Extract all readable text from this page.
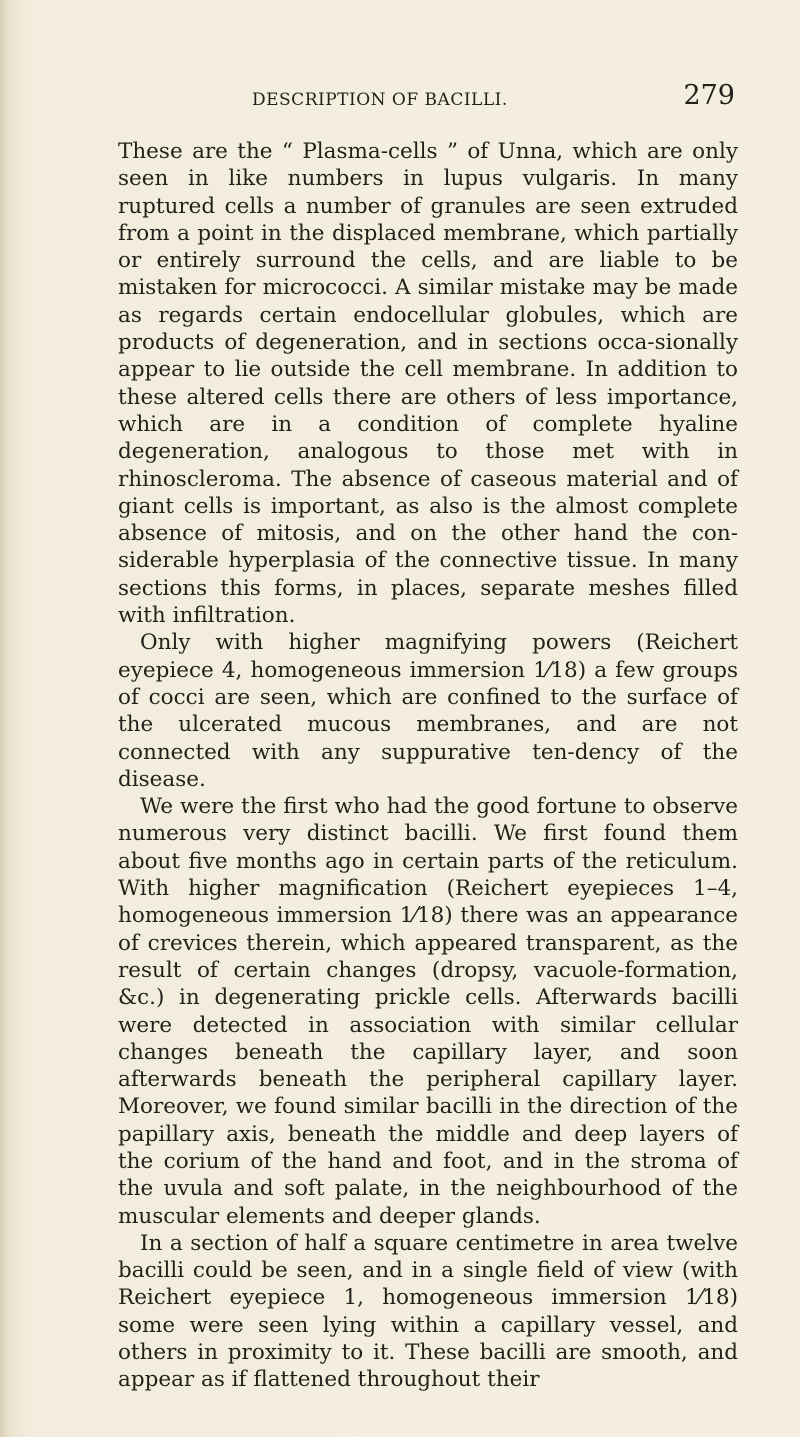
DESCRIPTION OF BACILLI.	279

These are the “ Plasma-cells ” of Unna, which are only seen in like numbers in lupus vulgaris. In many ruptured cells a number of granules are seen extruded from a point in the displaced membrane, which partially or entirely surround the cells, and are liable to be mistaken for micrococci. A similar mistake may be made as regards certain endocellular globules, which are products of degeneration, and in sections occa-sionally appear to lie outside the cell membrane. In addition to these altered cells there are others of less importance, which are in a condition of complete hyaline degeneration, analogous to those met with in rhinoscleroma. The absence of caseous material and of giant cells is important, as also is the almost complete absence of mitosis, and on the other hand the con-siderable hyperplasia of the connective tissue. In many sections this forms, in places, separate meshes filled with infiltration.

Only with higher magnifying powers (Reichert eyepiece 4, homogeneous immersion 1⁄18) a few groups of cocci are seen, which are confined to the surface of the ulcerated mucous membranes, and are not connected with any suppurative ten-dency of the disease.

We were the first who had the good fortune to observe numerous very distinct bacilli. We first found them about five months ago in certain parts of the reticulum. With higher magnification (Reichert eyepieces 1–4, homogeneous immersion 1⁄18) there was an appearance of crevices therein, which appeared transparent, as the result of certain changes (dropsy, vacuole-formation, &c.) in degenerating prickle cells. Afterwards bacilli were detected in association with similar cellular changes beneath the capillary layer, and soon afterwards beneath the peripheral capillary layer. Moreover, we found similar bacilli in the direction of the papillary axis, beneath the middle and deep layers of the corium of the hand and foot, and in the stroma of the uvula and soft palate, in the neighbourhood of the muscular elements and deeper glands.

In a section of half a square centimetre in area twelve bacilli could be seen, and in a single field of view (with Reichert eyepiece 1, homogeneous immersion 1⁄18) some were seen lying within a capillary vessel, and others in proximity to it. These bacilli are smooth, and appear as if flattened throughout their
